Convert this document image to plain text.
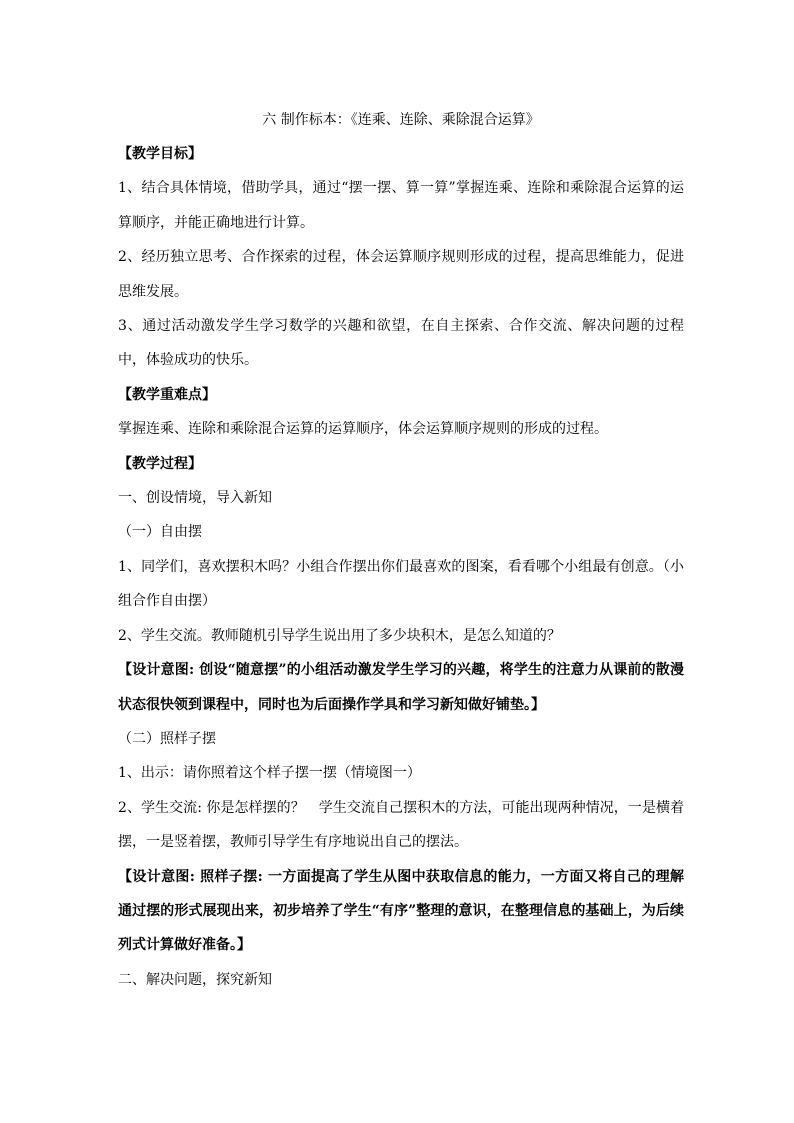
六 制作标本：《连乘、连除、乘除混合运算》

【教学目标】

1、结合具体情境，借助学具，通过“摆一摆、算一算”掌握连乘、连除和乘除混合运算的运算顺序，并能正确地进行计算。

2、经历独立思考、合作探索的过程，体会运算顺序规则形成的过程，提高思维能力，促进思维发展。

3、通过活动激发学生学习数学的兴趣和欲望，在自主探索、合作交流、解决问题的过程中，体验成功的快乐。

【教学重难点】

掌握连乘、连除和乘除混合运算的运算顺序，体会运算顺序规则的形成的过程。

【教学过程】

一、创设情境，导入新知

（一）自由摆

1、同学们，喜欢摆积木吗？小组合作摆出你们最喜欢的图案，看看哪个小组最有创意。（小组合作自由摆）

2、学生交流。教师随机引导学生说出用了多少块积木，是怎么知道的？

【设计意图: 创设“随意摆”的小组活动激发学生学习的兴趣，将学生的注意力从课前的散漫状态很快领到课程中，同时也为后面操作学具和学习新知做好铺垫。】

（二）照样子摆

1、出示：请你照着这个样子摆一摆（情境图一）

2、学生交流: 你是怎样摆的？ 学生交流自己摆积木的方法，可能出现两种情况，一是横着摆，一是竖着摆，教师引导学生有序地说出自己的摆法。

【设计意图: 照样子摆: 一方面提高了学生从图中获取信息的能力，一方面又将自己的理解通过摆的形式展现出来，初步培养了学生“有序”整理的意识，在整理信息的基础上，为后续列式计算做好准备。】

二、解决问题，探究新知
